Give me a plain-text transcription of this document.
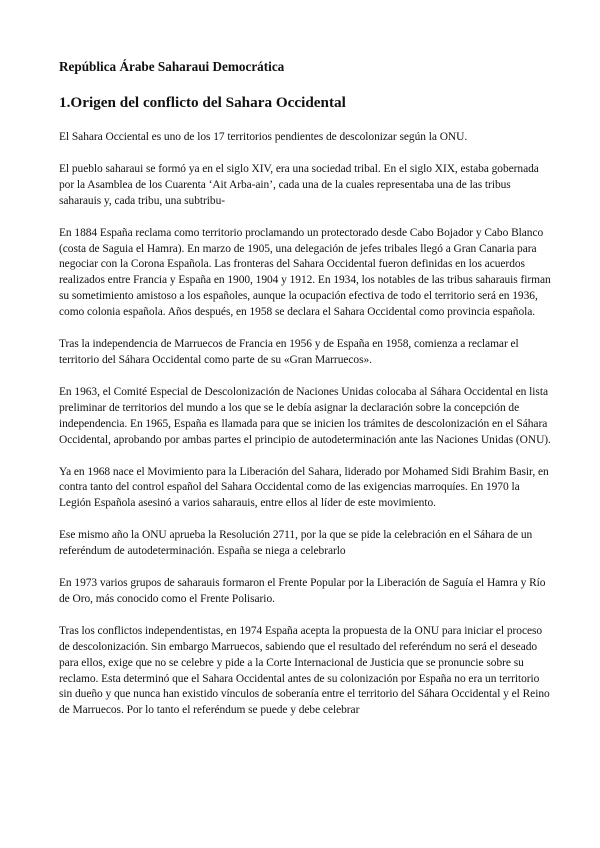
República Árabe Saharaui Democrática
1.Origen del conflicto del Sahara Occidental

El Sahara Occiental es uno de los 17 territorios pendientes de descolonizar según la ONU.

El pueblo saharaui se formó ya en el siglo XIV, era una sociedad tribal. En el siglo XIX, estaba gobernada por la Asamblea de los Cuarenta ‘Ait Arba-ain’, cada una de la cuales representaba una de las tribus saharauis y, cada tribu, una subtribu-

En 1884 España reclama como territorio proclamando un protectorado desde Cabo Bojador y Cabo Blanco (costa de Saguia el Hamra). En marzo de 1905, una delegación de jefes tribales llegó a Gran Canaria para negociar con la Corona Española. Las fronteras del Sahara Occidental fueron definidas en los acuerdos realizados entre Francia y España en 1900, 1904 y 1912. En 1934, los notables de las tribus saharauis firman su sometimiento amistoso a los españoles, aunque la ocupación efectiva de todo el territorio será en 1936, como colonia española. Años después, en 1958 se declara el Sahara Occidental como provincia española.

Tras la independencia de Marruecos de Francia en 1956 y de España en 1958, comienza a reclamar el territorio del Sáhara Occidental como parte de su «Gran Marruecos».

En 1963, el Comité Especial de Descolonización de Naciones Unidas colocaba al Sáhara Occidental en lista preliminar de territorios del mundo a los que se le debía asignar la declaración sobre la concepción de independencia. En 1965, España es llamada para que se inicien los trámites de descolonización en el Sáhara Occidental, aprobando por ambas partes el principio de autodeterminación ante las Naciones Unidas (ONU).

Ya en 1968 nace el Movimiento para la Liberación del Sahara, liderado por Mohamed Sidi Brahim Basir, en contra tanto del control español del Sahara Occidental como de las exigencias marroquíes. En 1970 la Legión Española asesinó a varios saharauis, entre ellos al líder de este movimiento.

Ese mismo año la ONU aprueba la Resolución 2711, por la que se pide la celebración en el Sáhara de un referéndum de autodeterminación. España se niega a celebrarlo

En 1973 varios grupos de saharauis formaron el Frente Popular por la Liberación de Saguía el Hamra y Río de Oro, más conocido como el Frente Polisario.

Tras los conflictos independentistas, en 1974 España acepta la propuesta de la ONU para iniciar el proceso de descolonización. Sin embargo Marruecos, sabiendo que el resultado del referéndum no será el deseado para ellos, exige que no se celebre y pide a la Corte Internacional de Justicia que se pronuncie sobre su reclamo. Esta determinó que el Sahara Occidental antes de su colonización por España no era un territorio sin dueño y que nunca han existido vínculos de soberanía entre el territorio del Sáhara Occidental y el Reino de Marruecos. Por lo tanto el referéndum se puede y debe celebrar
